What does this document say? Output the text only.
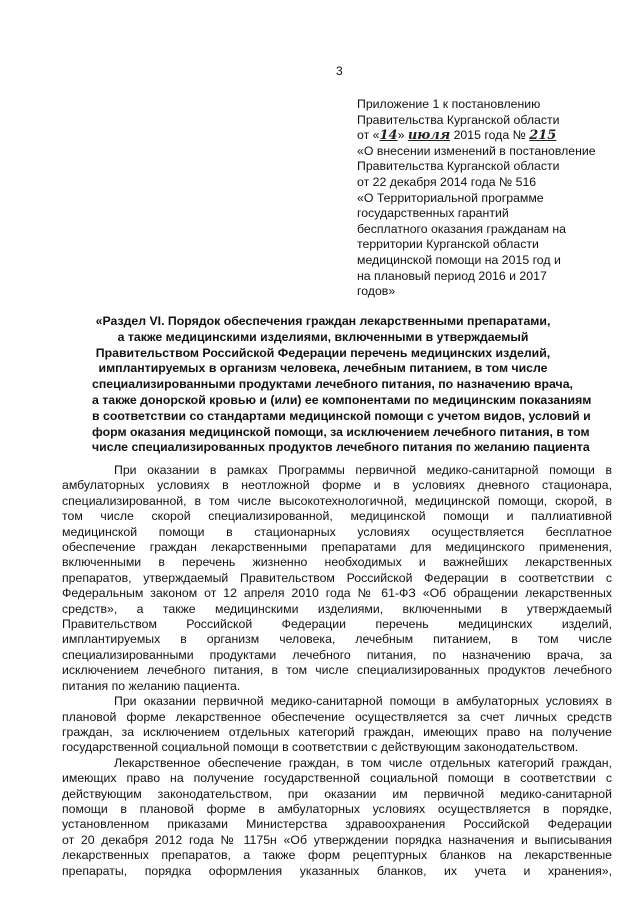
3
Приложение 1 к постановлению
Правительства Курганской области
от «14» июля 2015 года № 215
«О внесении изменений в постановление
Правительства Курганской области
от 22 декабря 2014 года № 516
«О Территориальной программе
государственных гарантий
бесплатного оказания гражданам на
территории Курганской области
медицинской помощи на 2015 год и
на плановый период 2016 и 2017
годов»
«Раздел VI. Порядок обеспечения граждан лекарственными препаратами,
а также медицинскими изделиями, включенными в утверждаемый
Правительством Российской Федерации перечень медицинских изделий,
имплантируемых в организм человека, лечебным питанием, в том числе
специализированными продуктами лечебного питания, по назначению врача,
а также донорской кровью и (или) ее компонентами по медицинским показаниям
в соответствии со стандартами медицинской помощи с учетом видов, условий и
форм оказания медицинской помощи, за исключением лечебного питания, в том
числе специализированных продуктов лечебного питания по желанию пациента
При оказании в рамках Программы первичной медико-санитарной помощи в
амбулаторных условиях в неотложной форме и в условиях дневного стационара,
специализированной, в том числе высокотехнологичной, медицинской помощи, скорой, в
том числе скорой специализированной, медицинской помощи и паллиативной
медицинской помощи в стационарных условиях осуществляется бесплатное
обеспечение граждан лекарственными препаратами для медицинского применения,
включенными в перечень жизненно необходимых и важнейших лекарственных
препаратов, утверждаемый Правительством Российской Федерации в соответствии с
Федеральным законом от 12 апреля 2010 года № 61-ФЗ «Об обращении лекарственных
средств», а также медицинскими изделиями, включенными в утверждаемый
Правительством Российской Федерации перечень медицинских изделий,
имплантируемых в организм человека, лечебным питанием, в том числе
специализированными продуктами лечебного питания, по назначению врача, за
исключением лечебного питания, в том числе специализированных продуктов лечебного
питания по желанию пациента.
При оказании первичной медико-санитарной помощи в амбулаторных условиях в
плановой форме лекарственное обеспечение осуществляется за счет личных средств
граждан, за исключением отдельных категорий граждан, имеющих право на получение
государственной социальной помощи в соответствии с действующим законодательством.
Лекарственное обеспечение граждан, в том числе отдельных категорий граждан,
имеющих право на получение государственной социальной помощи в соответствии с
действующим законодательством, при оказании им первичной медико-санитарной
помощи в плановой форме в амбулаторных условиях осуществляется в порядке,
установленном приказами Министерства здравоохранения Российской Федерации
от 20 декабря 2012 года № 1175н «Об утверждении порядка назначения и выписывания
лекарственных препаратов, а также форм рецептурных бланков на лекарственные
препараты, порядка оформления указанных бланков, их учета и хранения»,
